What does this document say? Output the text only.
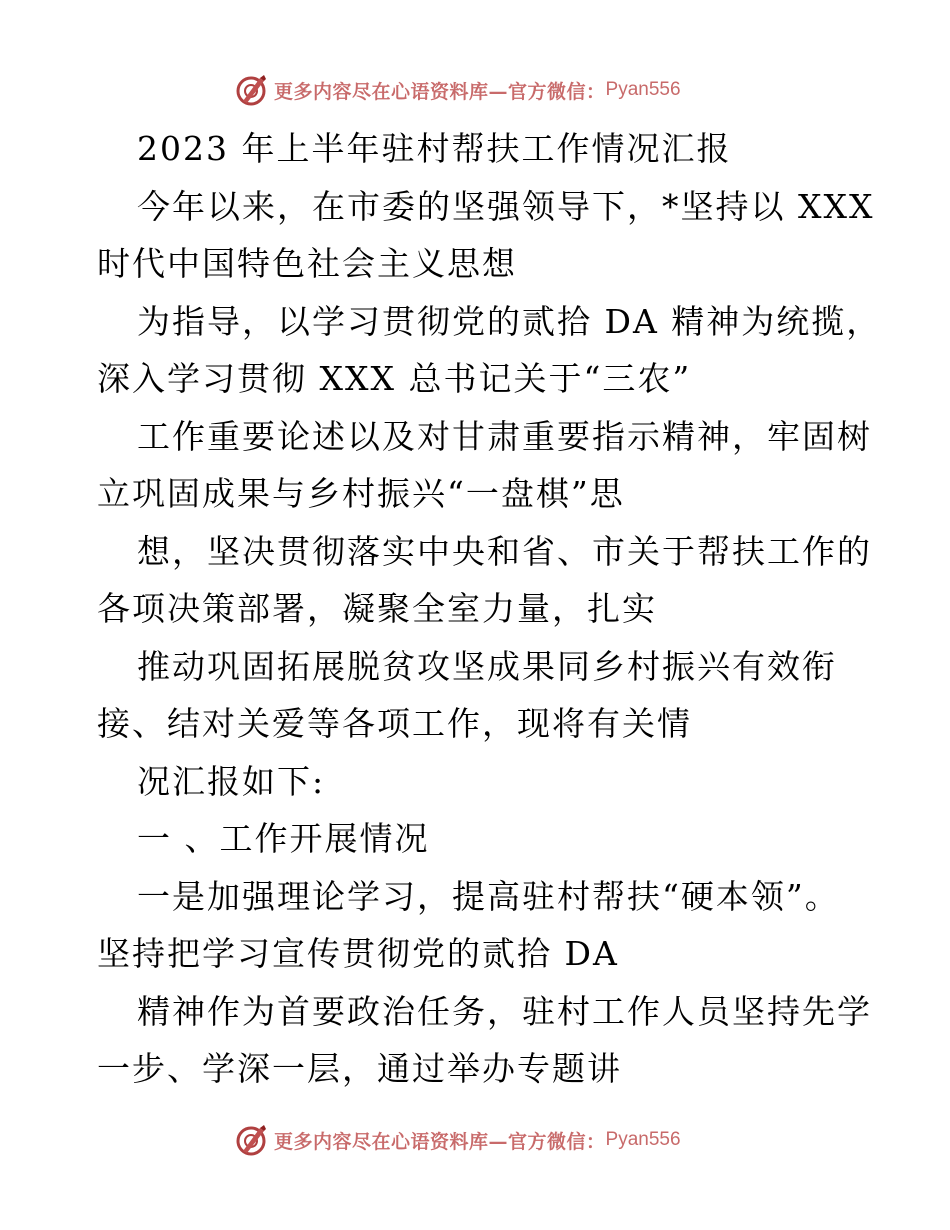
更多内容尽在心语资料库—官方微信： Pyan556
2023 年上半年驻村帮扶工作情况汇报
今年以来，在市委的坚强领导下，*坚持以 XXX
时代中国特色社会主义思想
为指导，以学习贯彻党的贰拾 DA 精神为统揽，
深入学习贯彻 XXX 总书记关于“三农”
工作重要论述以及对甘肃重要指示精神，牢固树
立巩固成果与乡村振兴“一盘棋”思
想，坚决贯彻落实中央和省、市关于帮扶工作的
各项决策部署，凝聚全室力量，扎实
推动巩固拓展脱贫攻坚成果同乡村振兴有效衔
接、结对关爱等各项工作，现将有关情
况汇报如下:
一 、工作开展情况
一是加强理论学习，提高驻村帮扶“硬本领”。
坚持把学习宣传贯彻党的贰拾 DA
精神作为首要政治任务，驻村工作人员坚持先学
一步、学深一层，通过举办专题讲
更多内容尽在心语资料库—官方微信： Pyan556
